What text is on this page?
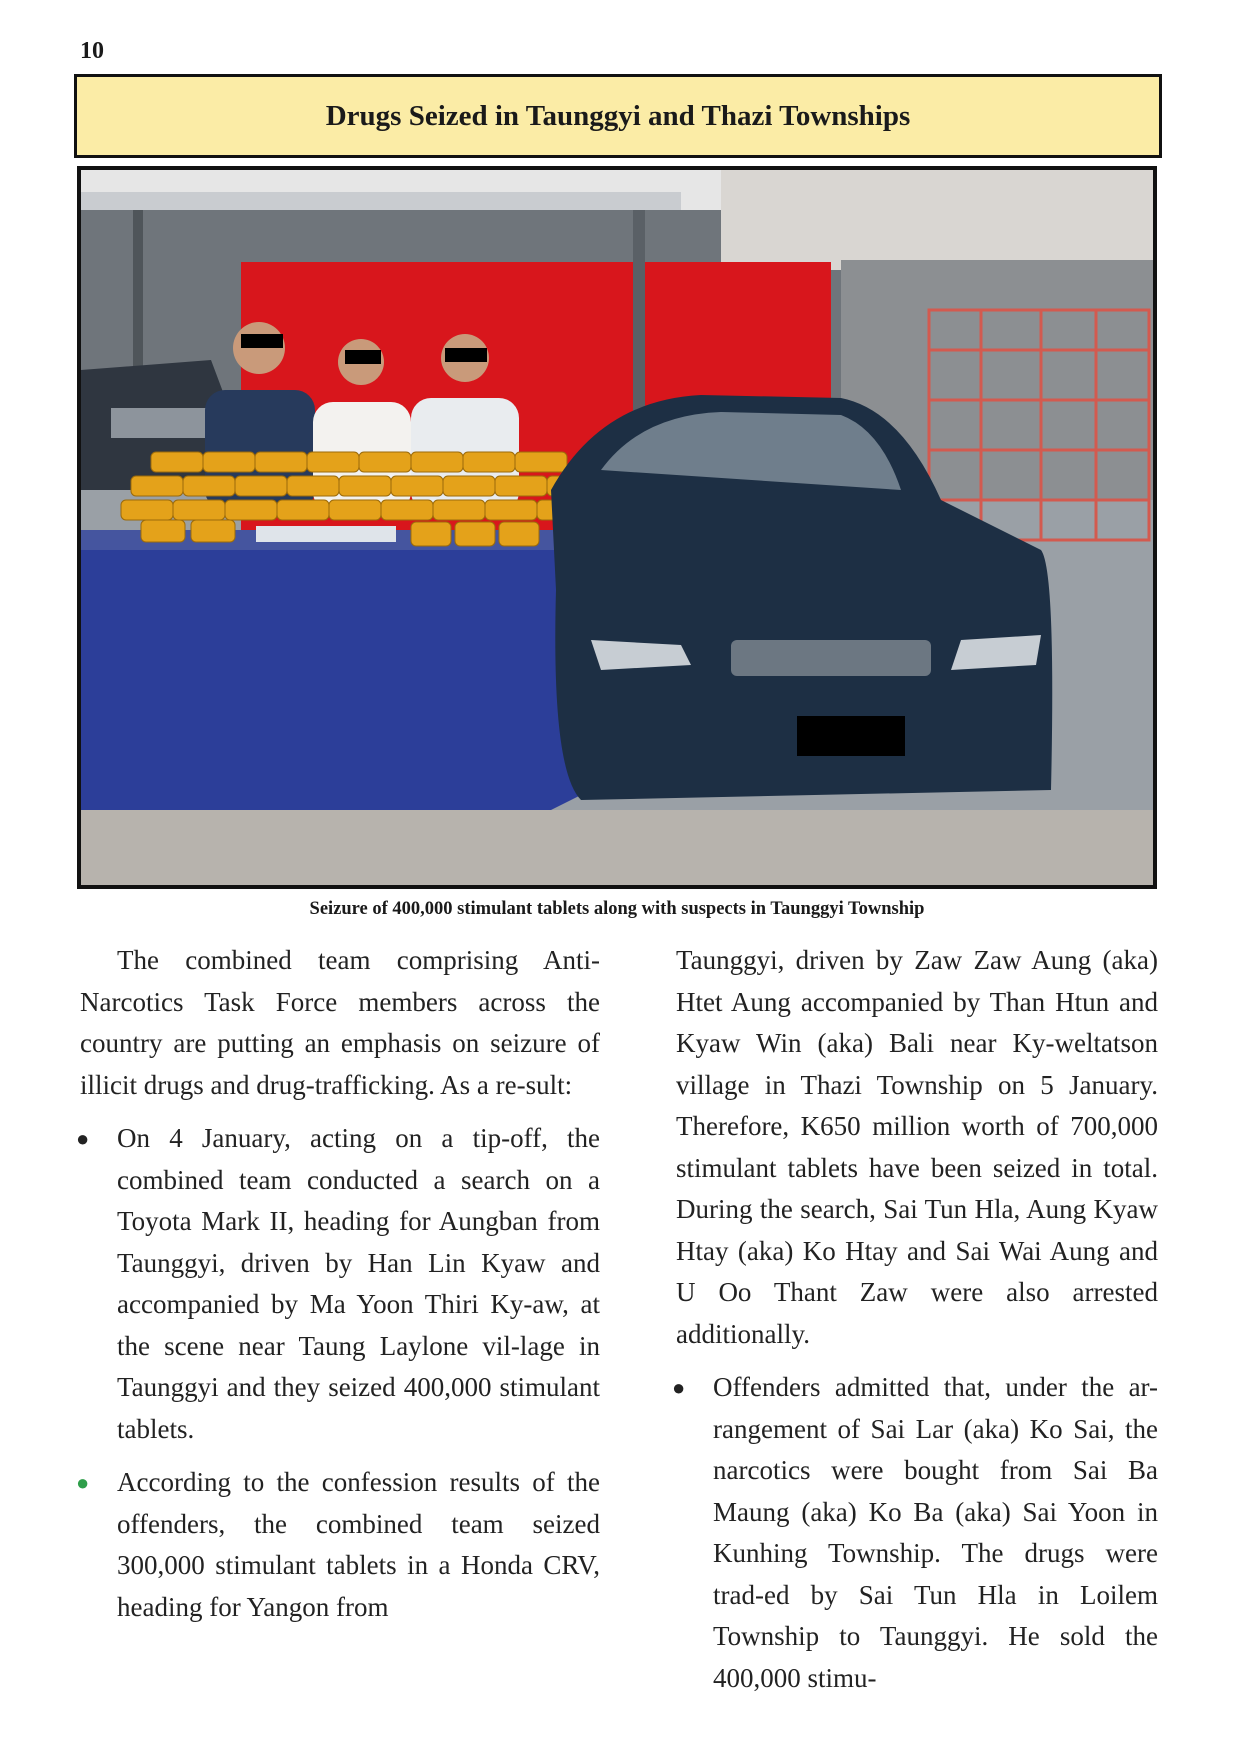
10
Drugs Seized in Taunggyi and Thazi Townships
Seizure of 400,000 stimulant tablets along with suspects in Taunggyi Township

The combined team comprising Anti-Narcotics Task Force members across the country are putting an emphasis on seizure of illicit drugs and drug-trafficking. As a re-sult:

● On 4 January, acting on a tip-off, the combined team conducted a search on a Toyota Mark II, heading for Aungban from Taunggyi, driven by Han Lin Kyaw and accompanied by Ma Yoon Thiri Ky-aw, at the scene near Taung Laylone vil-lage in Taunggyi and they seized 400,000 stimulant tablets.
● According to the confession results of the offenders, the combined team seized 300,000 stimulant tablets in a Honda CRV, heading for Yangon from

Taunggyi, driven by Zaw Zaw Aung (aka) Htet Aung accompanied by Than Htun and Kyaw Win (aka) Bali near Ky-weltatson village in Thazi Township on 5 January. Therefore, K650 million worth of 700,000 stimulant tablets have been seized in total. During the search, Sai Tun Hla, Aung Kyaw Htay (aka) Ko Htay and Sai Wai Aung and U Oo Thant Zaw were also arrested additionally.

● Offenders admitted that, under the ar-rangement of Sai Lar (aka) Ko Sai, the narcotics were bought from Sai Ba Maung (aka) Ko Ba (aka) Sai Yoon in Kunhing Township. The drugs were trad-ed by Sai Tun Hla in Loilem Township to Taunggyi. He sold the 400,000 stimu-
